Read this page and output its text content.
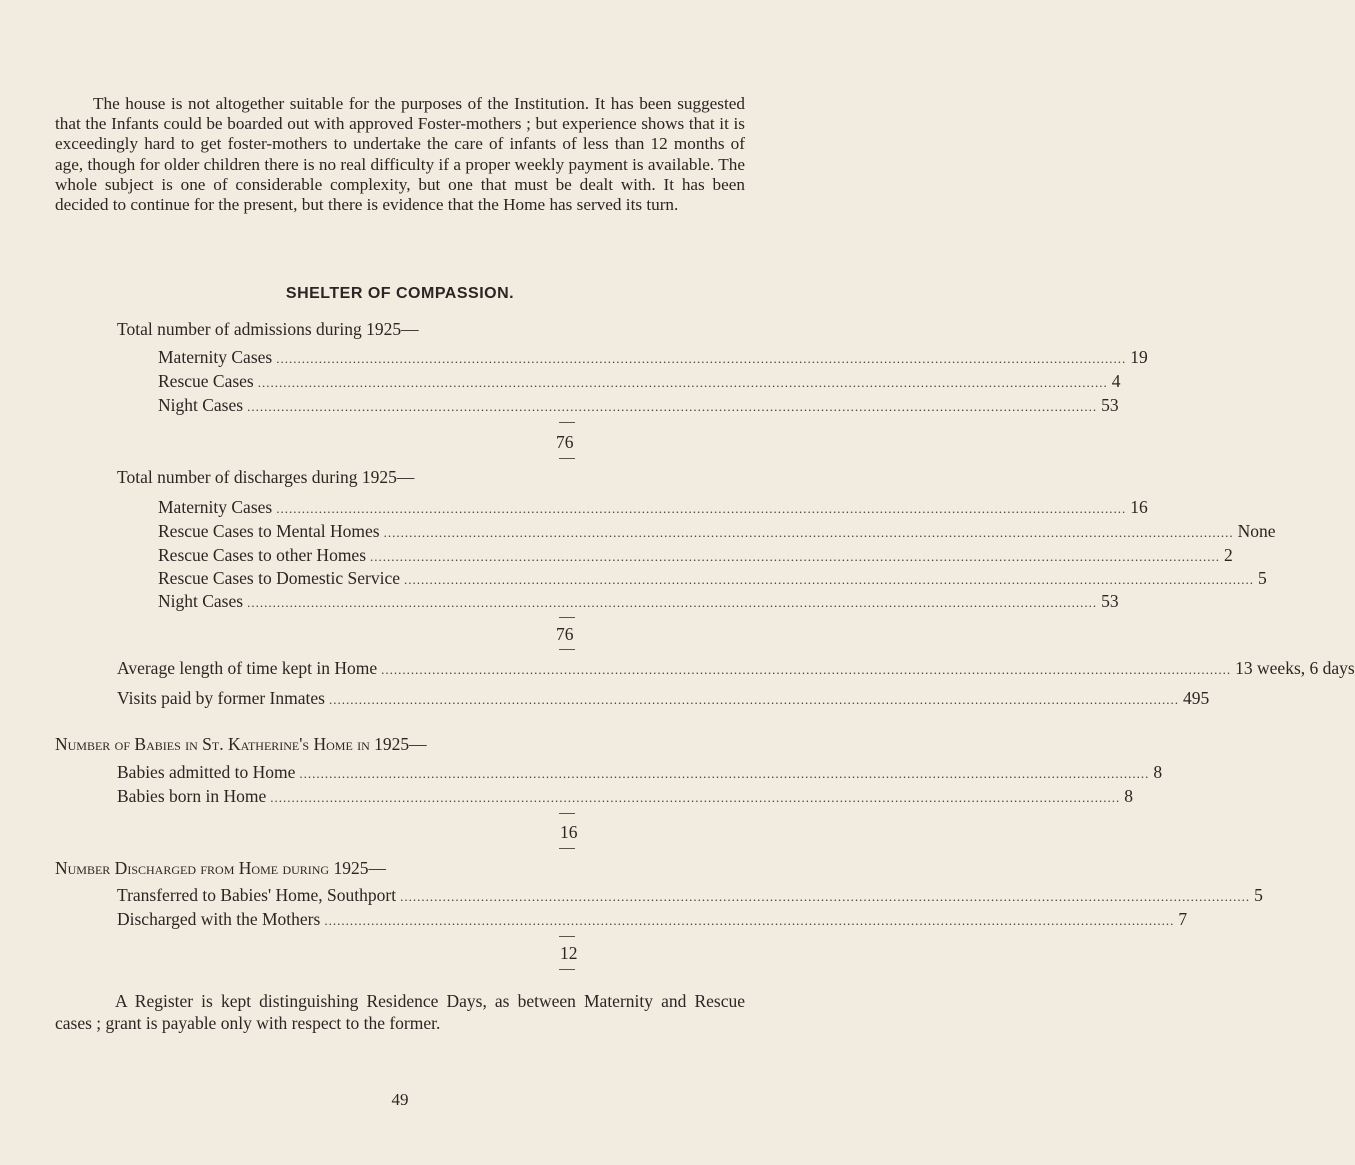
The house is not altogether suitable for the purposes of the Institution. It has been suggested that the Infants could be boarded out with approved Foster-mothers ; but experience shows that it is exceedingly hard to get foster-mothers to undertake the care of infants of less than 12 months of age, though for older children there is no real difficulty if a proper weekly payment is available. The whole subject is one of considerable complexity, but one that must be dealt with. It has been decided to continue for the present, but there is evidence that the Home has served its turn.

SHELTER OF COMPASSION.

Total number of admissions during 1925—

Maternity Cases ........................................................................................................................................................................................................ 19
Rescue Cases ........................................................................................................................................................................................................ 4
Night Cases ........................................................................................................................................................................................................ 53

76

Total number of discharges during 1925—

Maternity Cases ........................................................................................................................................................................................................ 16
Rescue Cases to Mental Homes ........................................................................................................................................................................................................ None
Rescue Cases to other Homes ........................................................................................................................................................................................................ 2
Rescue Cases to Domestic Service ........................................................................................................................................................................................................ 5
Night Cases ........................................................................................................................................................................................................ 53

76

Average length of time kept in Home ........................................................................................................................................................................................................ 13 weeks, 6 days
Visits paid by former Inmates ........................................................................................................................................................................................................ 495

Number of Babies in St. Katherine's Home in 1925—

Babies admitted to Home ........................................................................................................................................................................................................ 8
Babies born in Home ........................................................................................................................................................................................................ 8

16

Number Discharged from Home during 1925—

Transferred to Babies' Home, Southport ........................................................................................................................................................................................................ 5
Discharged with the Mothers ........................................................................................................................................................................................................ 7

12

A Register is kept distinguishing Residence Days, as between Maternity and Rescue cases ; grant is payable only with respect to the former.

49
